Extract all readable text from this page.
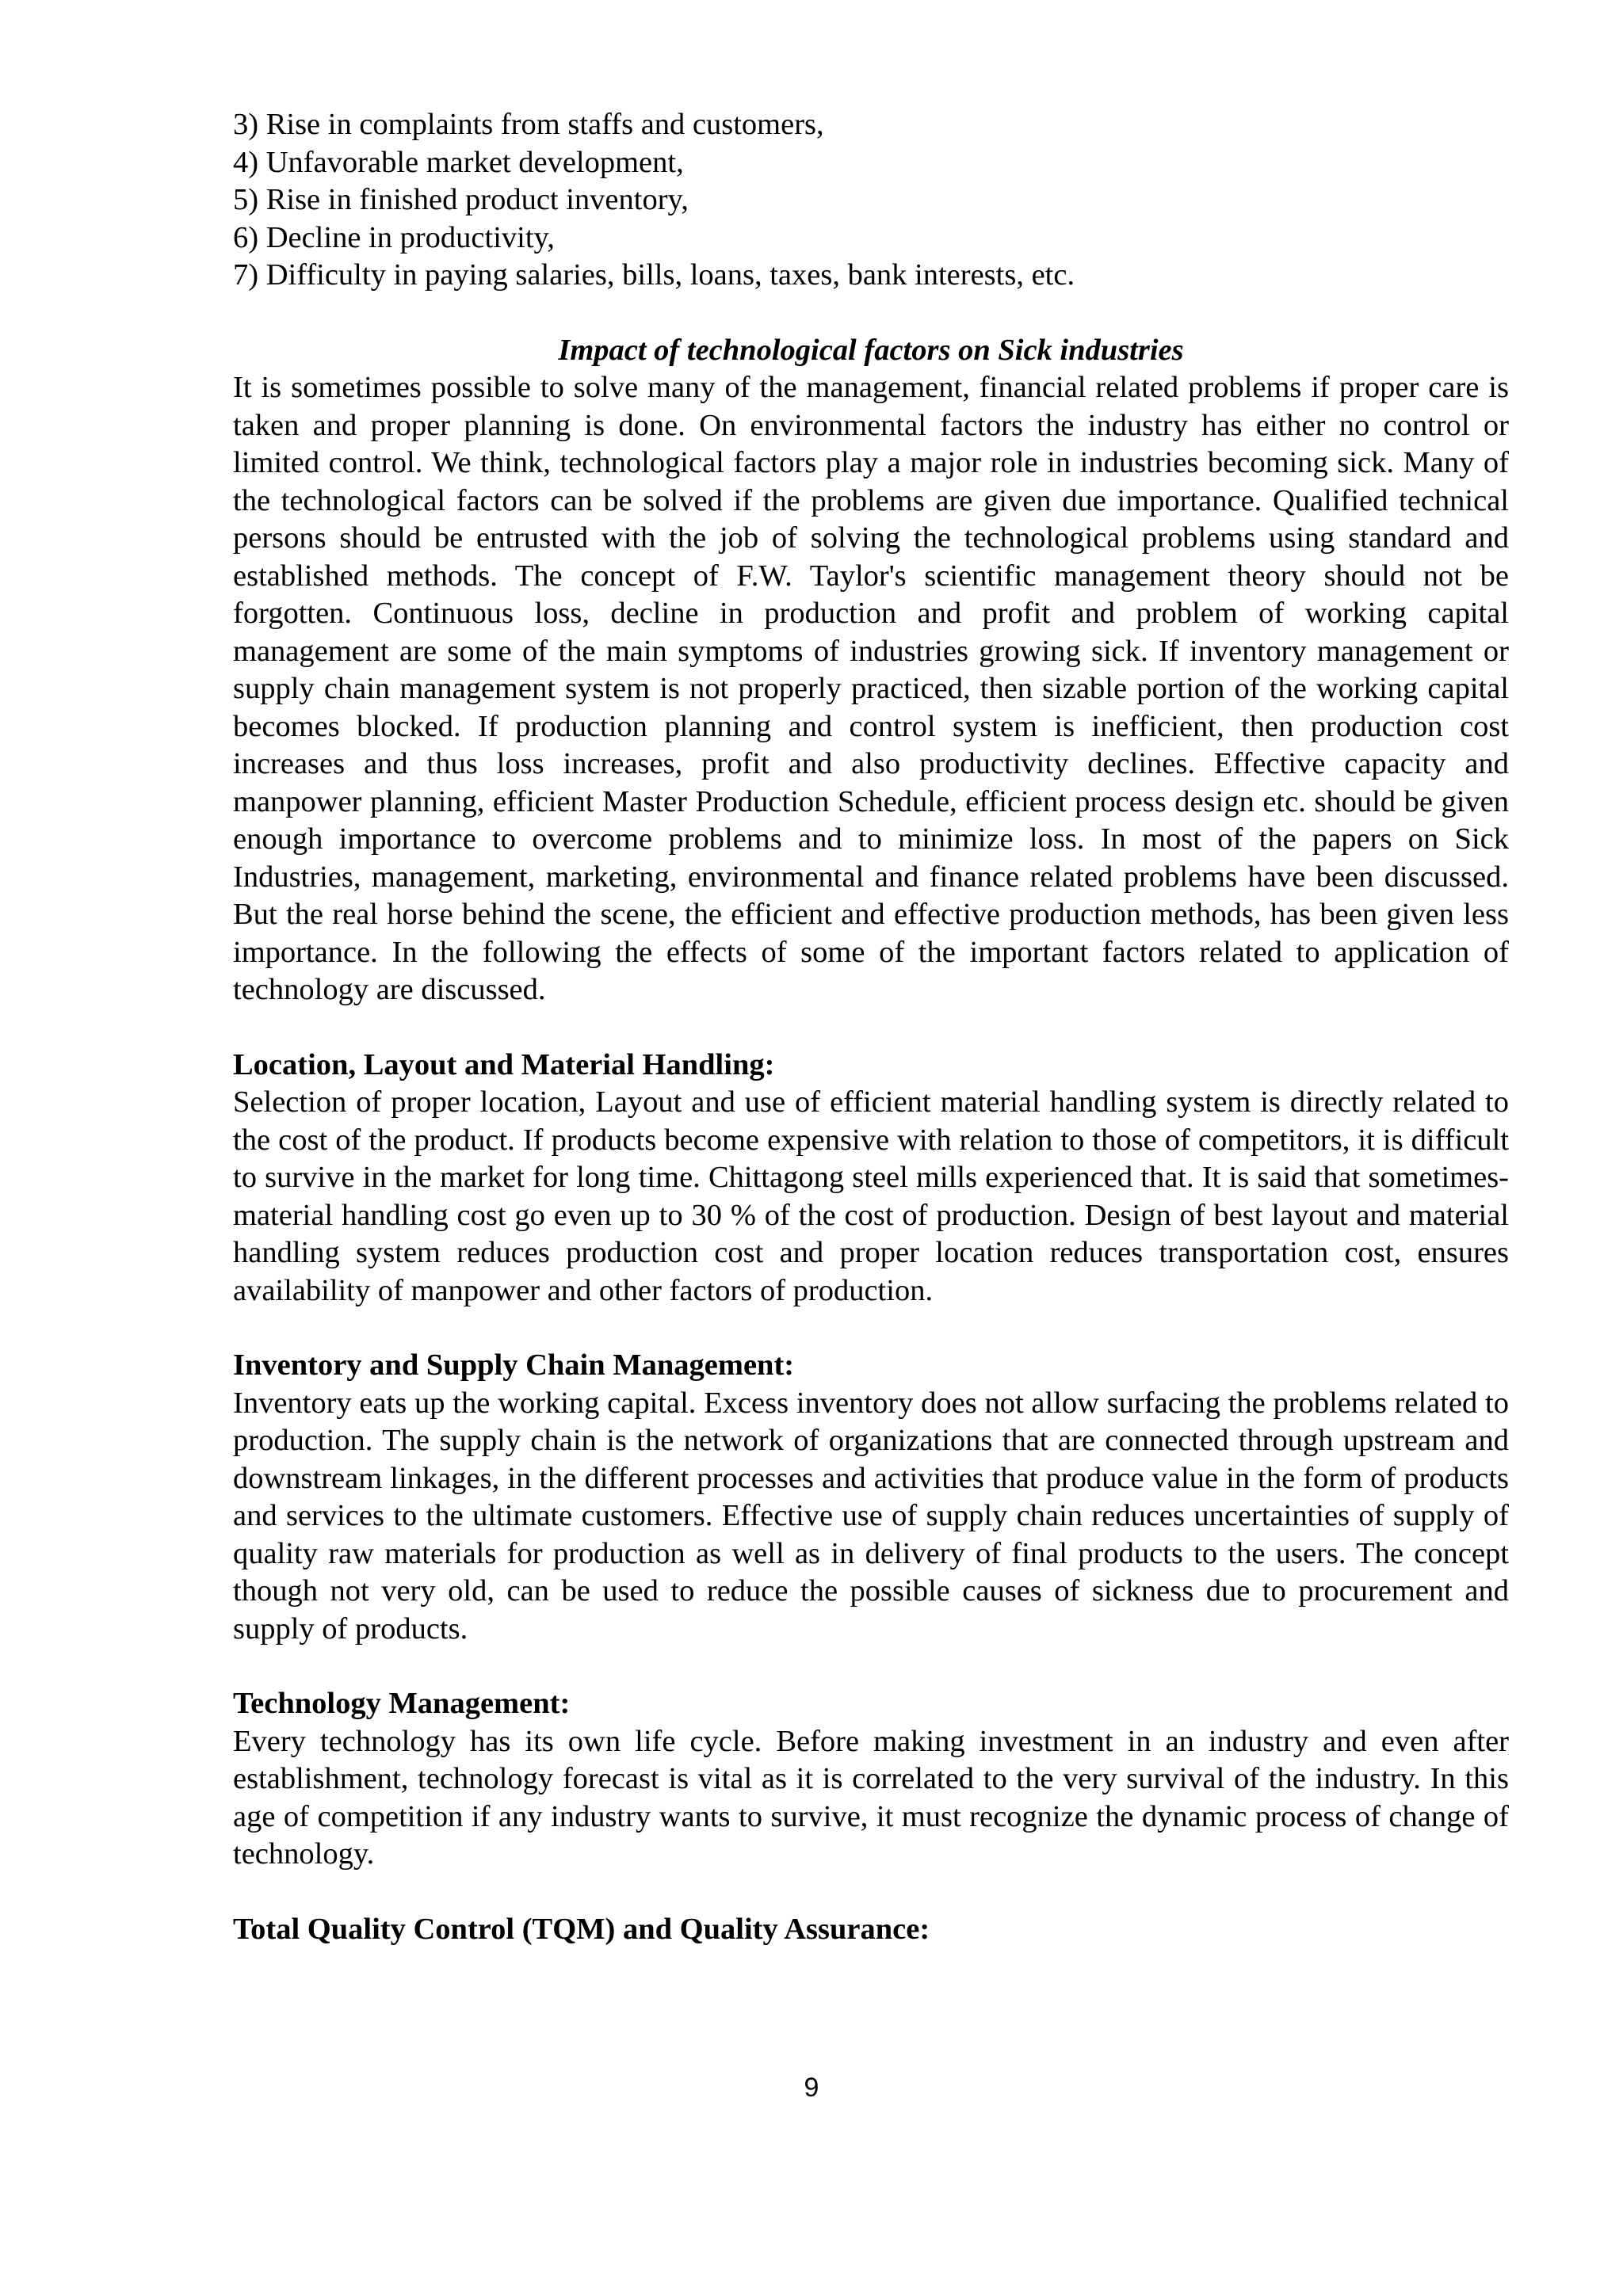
3) Rise in complaints from staffs and customers,

4) Unfavorable market development,

5) Rise in finished product inventory,

6) Decline in productivity,

7) Difficulty in paying salaries, bills, loans, taxes, bank interests, etc.

Impact of technological factors on Sick industries

It is sometimes possible to solve many of the management, financial related problems if proper care is taken and proper planning is done. On environmental factors the industry has either no control or limited control. We think, technological factors play a major role in industries becoming sick. Many of the technological factors can be solved if the problems are given due importance. Qualified technical persons should be entrusted with the job of solving the technological problems using standard and established methods. The concept of F.W. Taylor's scientific management theory should not be forgotten. Continuous loss, decline in production and profit and problem of working capital management are some of the main symptoms of industries growing sick. If inventory management or supply chain management system is not properly practiced, then sizable portion of the working capital becomes blocked. If production planning and control system is inefficient, then production cost increases and thus loss increases, profit and also productivity declines. Effective capacity and manpower planning, efficient Master Production Schedule, efficient process design etc. should be given enough importance to overcome problems and to minimize loss. In most of the papers on Sick Industries, management, marketing, environmental and finance related problems have been discussed. But the real horse behind the scene, the efficient and effective production methods, has been given less importance. In the following the effects of some of the important factors related to application of technology are discussed.

Location, Layout and Material Handling:

Selection of proper location, Layout and use of efficient material handling system is directly related to the cost of the product. If products become expensive with relation to those of competitors, it is difficult to survive in the market for long time. Chittagong steel mills experienced that. It is said that sometimes-material handling cost go even up to 30 % of the cost of production. Design of best layout and material handling system reduces production cost and proper location reduces transportation cost, ensures availability of manpower and other factors of production.

Inventory and Supply Chain Management:

Inventory eats up the working capital. Excess inventory does not allow surfacing the problems related to production. The supply chain is the network of organizations that are connected through upstream and downstream linkages, in the different processes and activities that produce value in the form of products and services to the ultimate customers. Effective use of supply chain reduces uncertainties of supply of quality raw materials for production as well as in delivery of final products to the users. The concept though not very old, can be used to reduce the possible causes of sickness due to procurement and supply of products.

Technology Management:

Every technology has its own life cycle. Before making investment in an industry and even after establishment, technology forecast is vital as it is correlated to the very survival of the industry. In this age of competition if any industry wants to survive, it must recognize the dynamic process of change of technology.

Total Quality Control (TQM) and Quality Assurance:

9
